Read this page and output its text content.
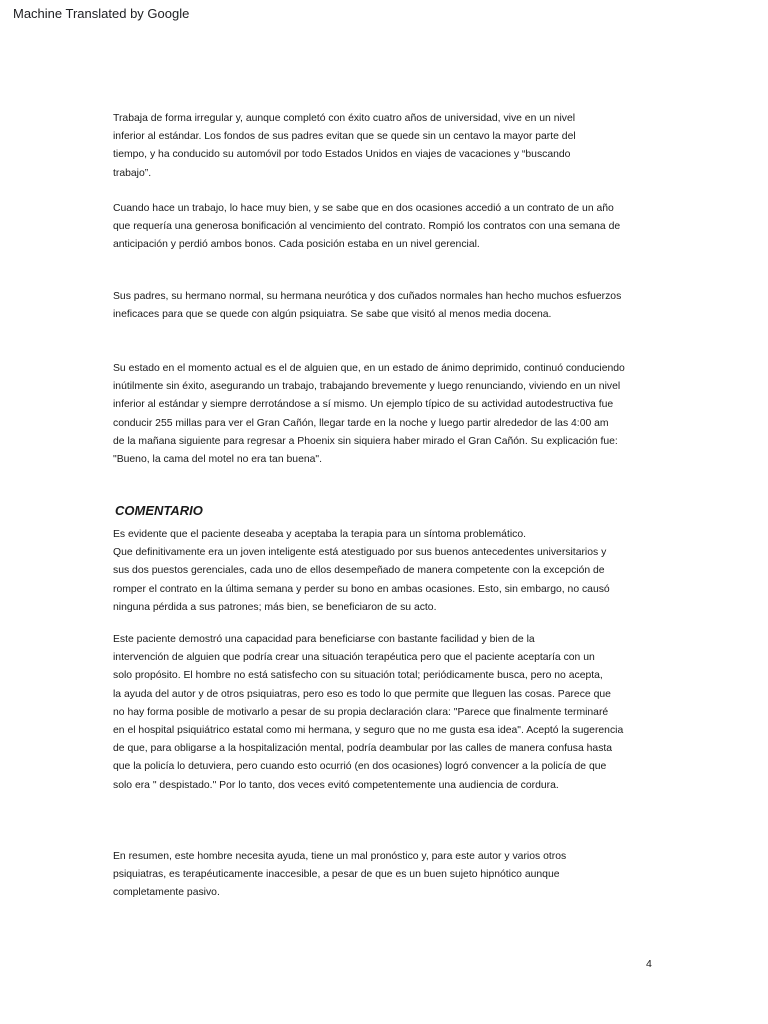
Machine Translated by Google

Trabaja de forma irregular y, aunque completó con éxito cuatro años de universidad, vive en un nivel
inferior al estándar. Los fondos de sus padres evitan que se quede sin un centavo la mayor parte del
tiempo, y ha conducido su automóvil por todo Estados Unidos en viajes de vacaciones y “buscando
trabajo”.

Cuando hace un trabajo, lo hace muy bien, y se sabe que en dos ocasiones accedió a un contrato de un año
que requería una generosa bonificación al vencimiento del contrato. Rompió los contratos con una semana de
anticipación y perdió ambos bonos. Cada posición estaba en un nivel gerencial.

Sus padres, su hermano normal, su hermana neurótica y dos cuñados normales han hecho muchos esfuerzos
ineficaces para que se quede con algún psiquiatra. Se sabe que visitó al menos media docena.

Su estado en el momento actual es el de alguien que, en un estado de ánimo deprimido, continuó conduciendo
inútilmente sin éxito, asegurando un trabajo, trabajando brevemente y luego renunciando, viviendo en un nivel
inferior al estándar y siempre derrotándose a sí mismo. Un ejemplo típico de su actividad autodestructiva fue
conducir 255 millas para ver el Gran Cañón, llegar tarde en la noche y luego partir alrededor de las 4:00 am
de la mañana siguiente para regresar a Phoenix sin siquiera haber mirado el Gran Cañón. Su explicación fue:
"Bueno, la cama del motel no era tan buena".

COMENTARIO

Es evidente que el paciente deseaba y aceptaba la terapia para un síntoma problemático.
Que definitivamente era un joven inteligente está atestiguado por sus buenos antecedentes universitarios y
sus dos puestos gerenciales, cada uno de ellos desempeñado de manera competente con la excepción de
romper el contrato en la última semana y perder su bono en ambas ocasiones. Esto, sin embargo, no causó
ninguna pérdida a sus patrones; más bien, se beneficiaron de su acto.

Este paciente demostró una capacidad para beneficiarse con bastante facilidad y bien de la
intervención de alguien que podría crear una situación terapéutica pero que el paciente aceptaría con un
solo propósito. El hombre no está satisfecho con su situación total; periódicamente busca, pero no acepta,
la ayuda del autor y de otros psiquiatras, pero eso es todo lo que permite que lleguen las cosas. Parece que
no hay forma posible de motivarlo a pesar de su propia declaración clara: "Parece que finalmente terminaré
en el hospital psiquiátrico estatal como mi hermana, y seguro que no me gusta esa idea". Aceptó la sugerencia
de que, para obligarse a la hospitalización mental, podría deambular por las calles de manera confusa hasta
que la policía lo detuviera, pero cuando esto ocurrió (en dos ocasiones) logró convencer a la policía de que
solo era " despistado." Por lo tanto, dos veces evitó competentemente una audiencia de cordura.

En resumen, este hombre necesita ayuda, tiene un mal pronóstico y, para este autor y varios otros
psiquiatras, es terapéuticamente inaccesible, a pesar de que es un buen sujeto hipnótico aunque
completamente pasivo.

4
